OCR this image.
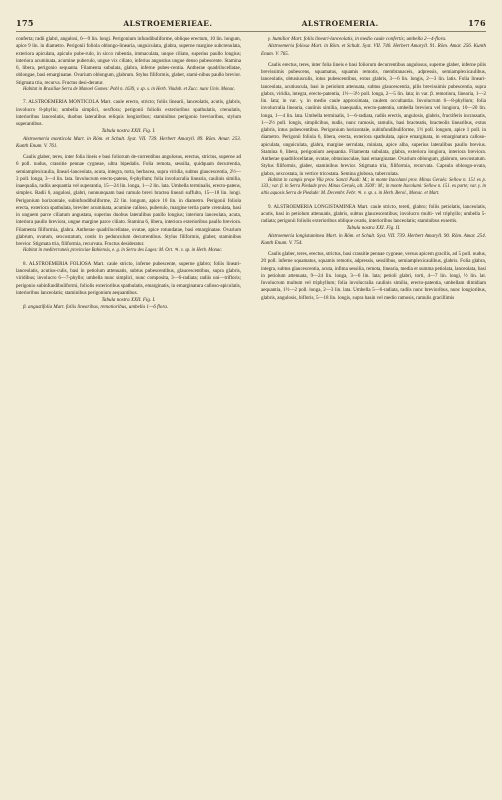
175	ALSTROEMERIEAE.	ALSTROEMERIA.	176

conferta; radii glabri, angulosi, 6—9 lin. longi. Perigonium infundibuliforme, oblique erectum, 10 lin. longum, apice 9 lin. in diametro. Perigonii foliola oblongo-linearia, unguiculata, glabra, superne margine subcrenulata, exteriora apiculata, apiculo pube-rulo, in sicco rubentia, immaculata, unque ciliato, superius paullo longius; interiora acuminata, acumine puberulo, ungue vix ciliato, inferius angustius ungue denso pubescente. Stamina 6, libera, perigonio sequanta. Filamenta subulata, glabra, inferne pubes-centia. Antherae quadrilocellatae, oblongae, basi emarginatae. Ovarium oblongum, glabrum. Stylus filiformis, glaber, stami-nibus paullo brevior. Stigmata tria, recurva. Fructus desi-deratur.

Habitat in Brasiliae Serra de Manoel Gomes: Pohl n. 1639, v. sp. s. in Herb. Vindob. et Zucc. nunc Univ. Monac.

7. ALSTROEMERIA MONTICOLA Mart. caule erecto, stricto; foliis linearii, lanceolatis, acutis, glabris, involucro 8-phyllo; umbella simplici, sexflora; perigonii foliolis exterioribus spathulatis, crenulatis, interioribus lanceolatis, duobus lateralibus reliquis longioribus; staminibus perigonio brevioribus, stylum superantibus.

Tabula nostra XXII. Fig. I.

Alstroemeria monticola Mart. in Röm. et Schult. Syst. VII. 739. Herbert Amaryll. 89. Röm. Amar. 253. Kunth Enum. V. 761.

Caulis glaber, teres, inter folia lineis e basi foliorum de-currentibus angulosus, erectus, strictus, superne ad 6 poll. nudus, crassitie pennae cygneae, ultra bipedalis. Folia remota, sessilia, quidquam decurrentia, semiamplexicaulia, lineari-lanceolata, acuta, integra, torta, herbacea, supra viridia, subtus glaucescentia, 2½—3 poll. longa, 3—4 lin. lata. Involucrum erecto-patens, 8-phyllum; folia involucralia linearia, caulinis similia, inaequalia, radiis aequantia vel superantia, 15—24 lin. longa, 1—2 lin. lata. Umbella terminalis, erecto-patens, simplex. Radii 6, angulosi, glabri, nonnunquam basi ramulo brevi bractea lineari suffulto, 15—18 lin. longi. Perigonium horizontale, subinfundibuliforme, 22 lin. longum, apice 10 lin. in diametro. Perigonii foliola erecta, exteriora spathulata, breviter acuminata, acumine calloso, puberulo, margine tertia parte crenulata, basi in unguem parce ciliatum angustata, superius duobus lateralibus paullo longius; interiora lanceolata, acuta, interiora paullo breviora, ungue margine parce ciliato. Stamina 6, libera, interiora exterioribus paullo breviora. Filamenta filiformia, glabra. Antherae quadrilocellatae, ovatae, apice rotundatae, basi emarginatae. Ovarium glabrum, ovatum, sexcostatum, costis in pedunculum decurrentibus. Stylus filiformis, glaber, staminibus brevior. Stigmata tria, filiformia, recurvata. Fructus desideratur.

Habitat in mediterraneis provinciae Bahiensis, e. g. in Serra des Lages: M. Oct. ♃. v. sp. in Herb. Monac.

8. ALSTROEMERIA FOLIOSA Mart. caule stricto, inferne pubescente, superne glabro; foliis lineari-lanceolatis, acutius-culis, basi in petiolum attenuatis, subtus pubescentibus, glaucescentibus, supra glabris, viridibus; involucro 6—7-phyllo; umbella nunc simplici, nunc composita, 3—6-radiata; radiis uni—trifloris; perigonio subinfundibuliformi, foliolis exterioribus spathulatis, emarginatis, in emarginatura calloso-apiculatis, interioribus lanceolatis; staminibus perigonium aequantibus.

Tabula nostra XXII. Fig. I.

β. angustifolia Mart. foliis linearibus, remotioribus, umbella 1—6 flora.

γ. humilior Mart. foliis lineari-lanceolatis, in medio caule confertis; umbella 2—4-flora.

Alstroemeria foliosa Mart. in Röm. et Schult. Syst. VII. 740. Herbert Amaryll. 91. Röm. Amar. 256. Kunth Enum. V. 765.

Caulis erectus, teres, inter folia lineis e basi foliorum decurrentibus angulosus, superne glaber, inferne pilis brevissimis pubescens, squamatus, squamis remotis, membranaceis, adpressis, semiamplexicaulibus, lanceolatis, obtusiusculis, intus pubescentibus, extus glabris, 3—6 lin. longis, 2—3 lin. latis. Folia lineari-lanceolata, acutiuscula, basi in petiolum attenuata, subtus glaucescentia, pilis brevissimis pubescentia, supra glabra, viridia, integra, erecto-patentia, 1½—3½ poll. longa, 2—5 lin. lata; in var. β. remotiora, linearia, 1—2 lin. lata; in var. γ. in medio caule approximata, caulem occultantia. Involucrum 6—8-phyllum; folia involucralia linearia, caulinis similia, inaequalia, erecto-patentia, umbella breviora vel longiora, 10—20 lin. longa, 1—4 lin. lata. Umbella terminalis, 1—6-radiata, radiis erectis, angulosis, glabris, fructiferis incrassatis, 1—2½ poll. longis, simplicibus, nudis, nunc ramosis, ramulis, basi bracteatis, bracteolis linearibus, extus glabris, intus pubescentibus. Perigonium horizontale, subinfundibuliforme, 1½ poll. longum, apice 1 poll. in diametro. Perigonii foliola 6, libera, erecta, exteriora spathulata, apice emarginata, in emarginatura calloso-apiculata, unguiculata, glabra, margine serrulata, miniata, apice alba, superius lateralibus paullo brevius. Stamina 6, libera, perigonium aequantia. Filamenta subulata, glabra, exteriora longiora, interiora breviora. Antherae quadrilocellatae, ovatae, obtusiusculae, basi emarginatae. Ovarium oblongum, glabrum, sexcostatum. Stylus filiformis, glaber, staminibus brevior. Stigmata tria, filiformia, recurvata. Capsula oblongo-ovata, glabra, sexcostata, in vertice tricostata. Semina globosa, tuberculata.

Habitat in campis prope Vila prov. Sancti Pauli: M.; in monte Itacolumi prov. Minas Geraës: Sellow n. 151 ex p. 133.; var. β. in Serra Piedade prov. Minas Geraës, alt. 3500': M.; in monte Itacolumi: Sellow n. 151. ex parte; var. γ. in altis aquosis Serra de Piedade: M. Decembr. Febr. ♃. v. sp. s. in Herb. Berol., Monac. et Mart.

9. ALSTROEMERIA LONGISTAMINEA Mart. caule stricto, tereti, glabro; foliis petiolatis, lanceolatis, acutis, basi in petiolum attenuatis, glabris, subtus glaucescentibus; involucro multi- vel triphyllo; umbella 5-radiata; perigonii foliolis exterioribus oblique ovatis, interioribus lanceolatis; staminibus exsertis.

Tabula nostra XXI. Fig. II.

Alstroemeria longistaminea Mart. in Röm. et Schult. Syst. VII. 739. Herbert Amaryll. 90. Röm. Amar. 254. Kunth Enum. V. 754.

Caulis glaber, teres, erectus, strictus, basi crassitie pennae cygneae, versus apicem gracilis, ad 5 poll. nudus, 20 poll. inferne squamatus, squamis remotis, adpressis, sessilibus, semiamplexicaulibus, glabris. Folia glabra, integra, subtus glaucescentia, acuta, infima sessilia, remota, linearia, media et summa petiolata, lanceolata, basi in petiolum attenuata, 9—24 lin. longa, 3—6 lin. lata; petioli glabri, torti, 4—7 lin. longi, ½ lin. lat. Involucrum multum vel triphyllum; folia involucralia caulinis similia, erecto-patentia, umbellam dimidiam aequantia, 1½—2 poll. longa, 2—3 lin. lata. Umbella 5—6-radiata, radiis nunc brevioribus, nunc longioribus, glabris, angulosis, bifloris, 5—18 lin. longis, supra basin vel medio ramosis, ramulis gracillimis
